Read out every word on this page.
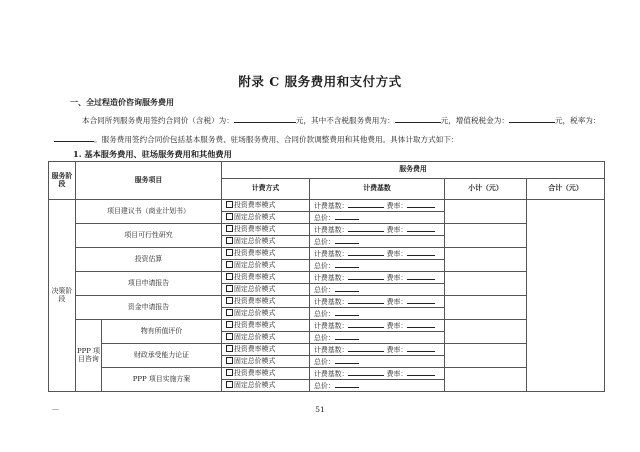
附录 C 服务费用和支付方式
一、全过程造价咨询服务费用
本合同所列服务费用签约合同价（含税）为：	元，其中不含税服务费用为：	元，增值税税金为：	元，税率为：
。服务费用签约合同价包括基本服务费、驻场服务费用、合同价款调整费用和其他费用。具体计取方式如下：
1. 基本服务费用、驻场服务费用和其他费用
服务阶段	服务项目		服务费用			
			计费方式	计费基数	小计（元）	合计（元）
决策阶段	项目建议书（商业计划书）		投资费率模式	计费基数： 费率：		
			固定总价模式	总价：		
	项目可行性研究		投资费率模式	计费基数： 费率：		
			固定总价模式	总价：		
	投资估算		投资费率模式	计费基数： 费率：		
			固定总价模式	总价：		
	项目申请报告		投资费率模式	计费基数： 费率：		
			固定总价模式	总价：		
	资金申请报告		投资费率模式	计费基数： 费率：		
			固定总价模式	总价：		
	PPP 项目咨询	物有所值评价	投资费率模式	计费基数： 费率：		
			固定总价模式	总价：		
		财政承受能力论证	投资费率模式	计费基数： 费率：		
			固定总价模式	总价：		
		PPP 项目实施方案	投资费率模式	计费基数： 费率：		
			固定总价模式	总价：		
—	51
